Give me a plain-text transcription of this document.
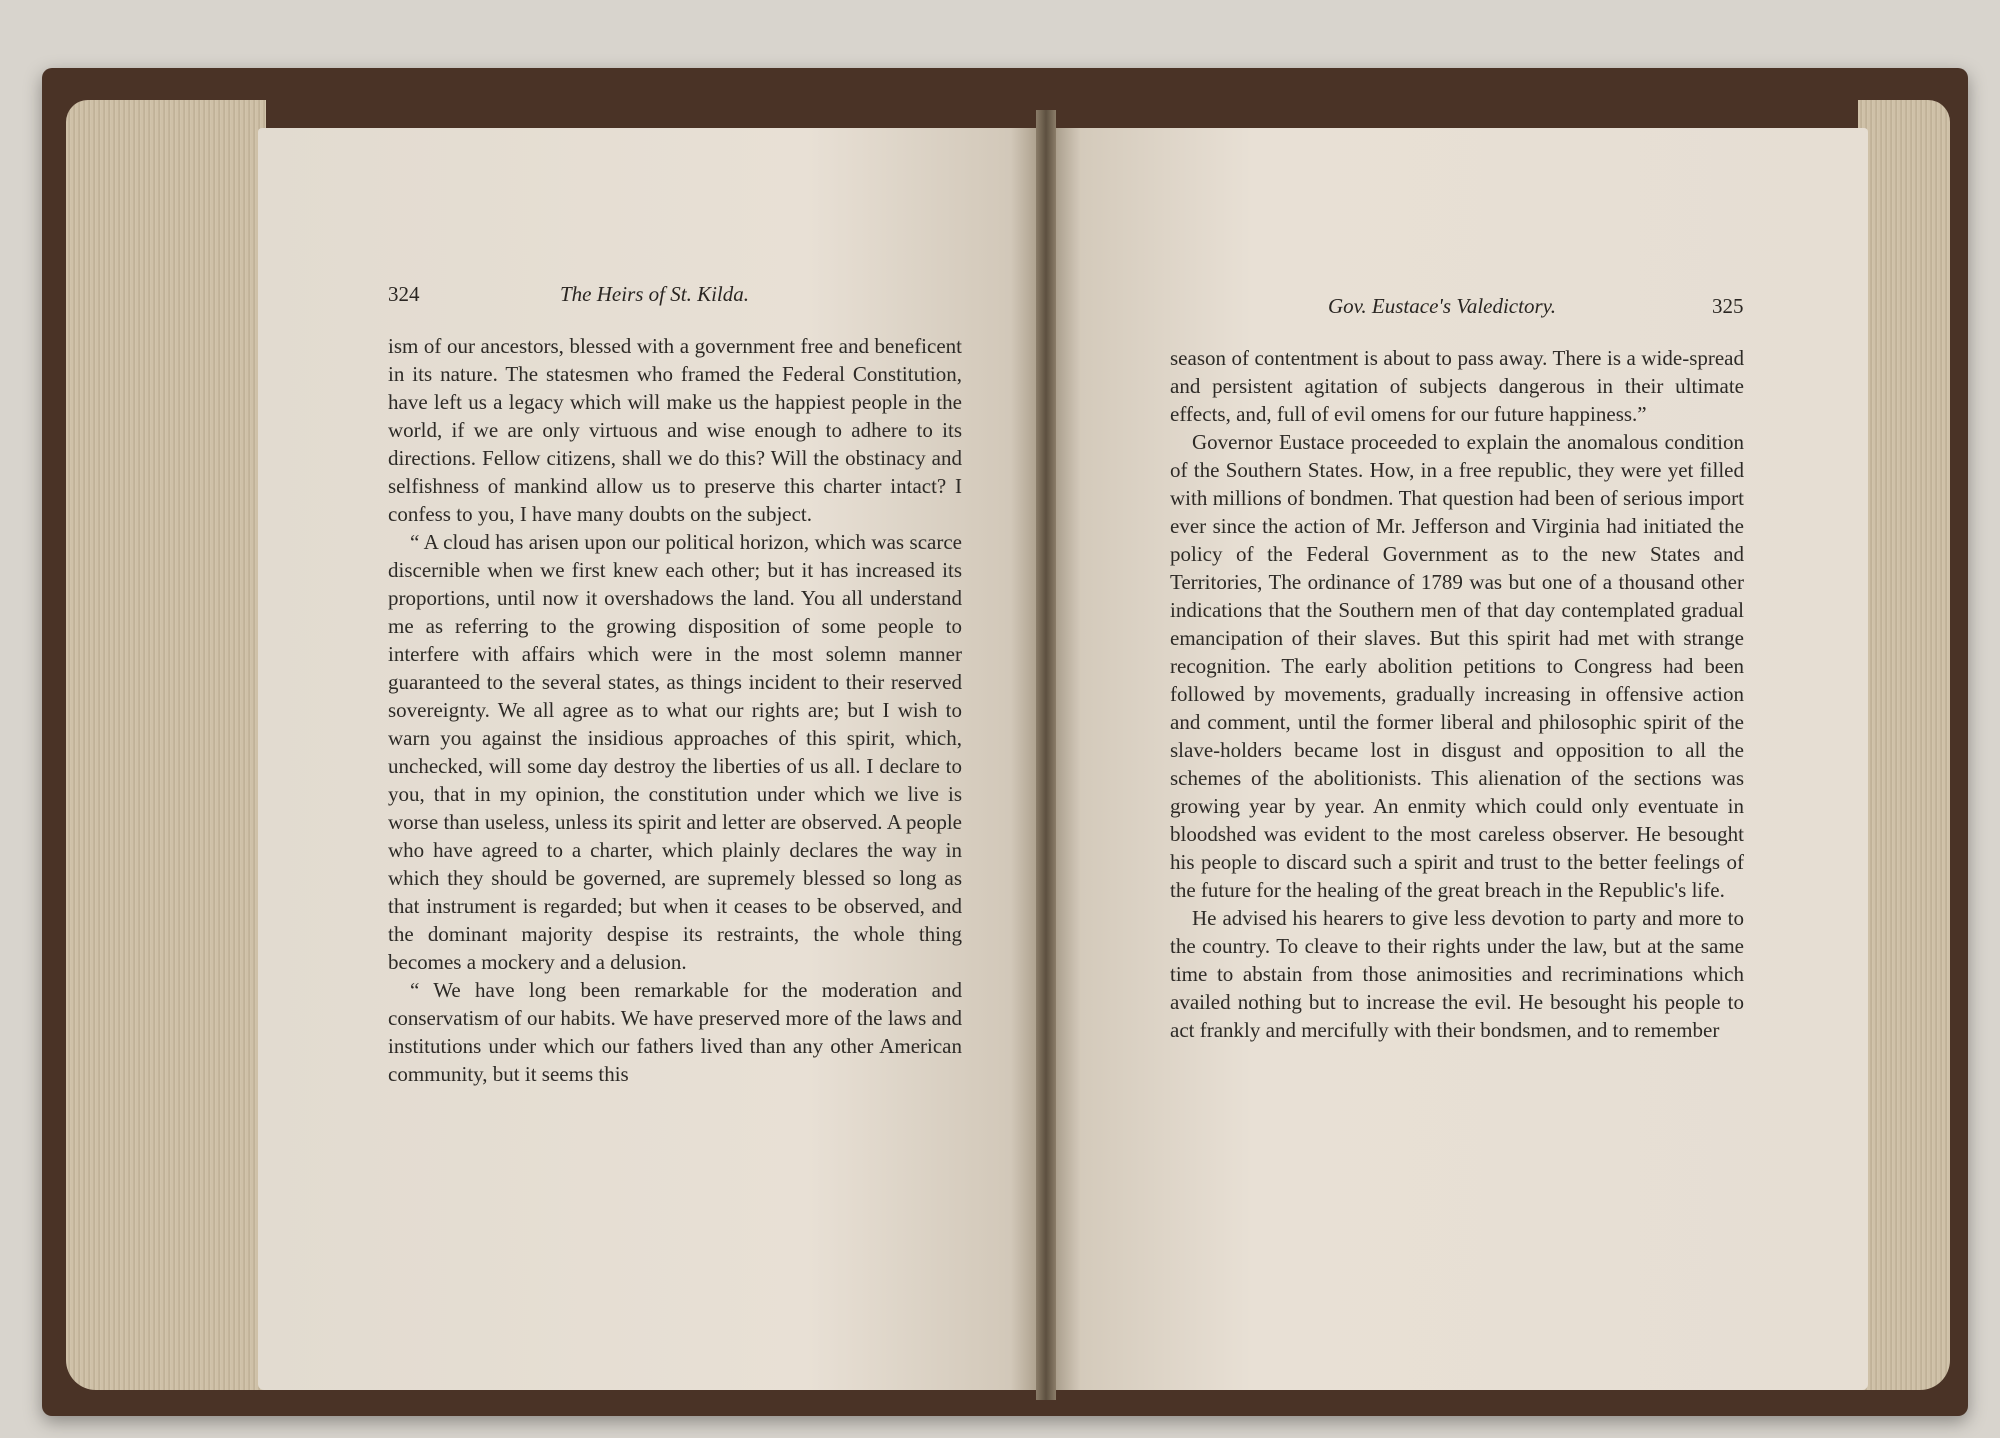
324	The Heirs of St. Kilda.

ism of our ancestors, blessed with a government free and beneficent in its nature. The statesmen who framed the Federal Constitution, have left us a legacy which will make us the happiest people in the world, if we are only virtuous and wise enough to adhere to its directions. Fellow citizens, shall we do this? Will the obstinacy and selfishness of mankind allow us to preserve this charter intact? I confess to you, I have many doubts on the subject.

“ A cloud has arisen upon our political horizon, which was scarce discernible when we first knew each other; but it has increased its proportions, until now it overshadows the land. You all understand me as referring to the growing disposition of some people to interfere with affairs which were in the most solemn manner guaranteed to the several states, as things incident to their reserved sovereignty. We all agree as to what our rights are; but I wish to warn you against the insidious approaches of this spirit, which, unchecked, will some day destroy the liberties of us all. I declare to you, that in my opinion, the constitution under which we live is worse than useless, unless its spirit and letter are observed. A people who have agreed to a charter, which plainly declares the way in which they should be governed, are supremely blessed so long as that instrument is regarded; but when it ceases to be observed, and the dominant majority despise its restraints, the whole thing becomes a mockery and a delusion.

“ We have long been remarkable for the moderation and conservatism of our habits. We have preserved more of the laws and institutions under which our fathers lived than any other American community, but it seems this

Gov. Eustace's Valedictory.	325

season of contentment is about to pass away. There is a wide-spread and persistent agitation of subjects dangerous in their ultimate effects, and, full of evil omens for our future happiness.”

Governor Eustace proceeded to explain the anomalous condition of the Southern States. How, in a free republic, they were yet filled with millions of bondmen. That question had been of serious import ever since the action of Mr. Jefferson and Virginia had initiated the policy of the Federal Government as to the new States and Territories, The ordinance of 1789 was but one of a thousand other indications that the Southern men of that day contemplated gradual emancipation of their slaves. But this spirit had met with strange recognition. The early abolition petitions to Congress had been followed by movements, gradually increasing in offensive action and comment, until the former liberal and philosophic spirit of the slave-holders became lost in disgust and opposition to all the schemes of the abolitionists. This alienation of the sections was growing year by year. An enmity which could only eventuate in bloodshed was evident to the most careless observer. He besought his people to discard such a spirit and trust to the better feelings of the future for the healing of the great breach in the Republic's life.

He advised his hearers to give less devotion to party and more to the country. To cleave to their rights under the law, but at the same time to abstain from those animosities and recriminations which availed nothing but to increase the evil. He besought his people to act frankly and mercifully with their bondsmen, and to remember
